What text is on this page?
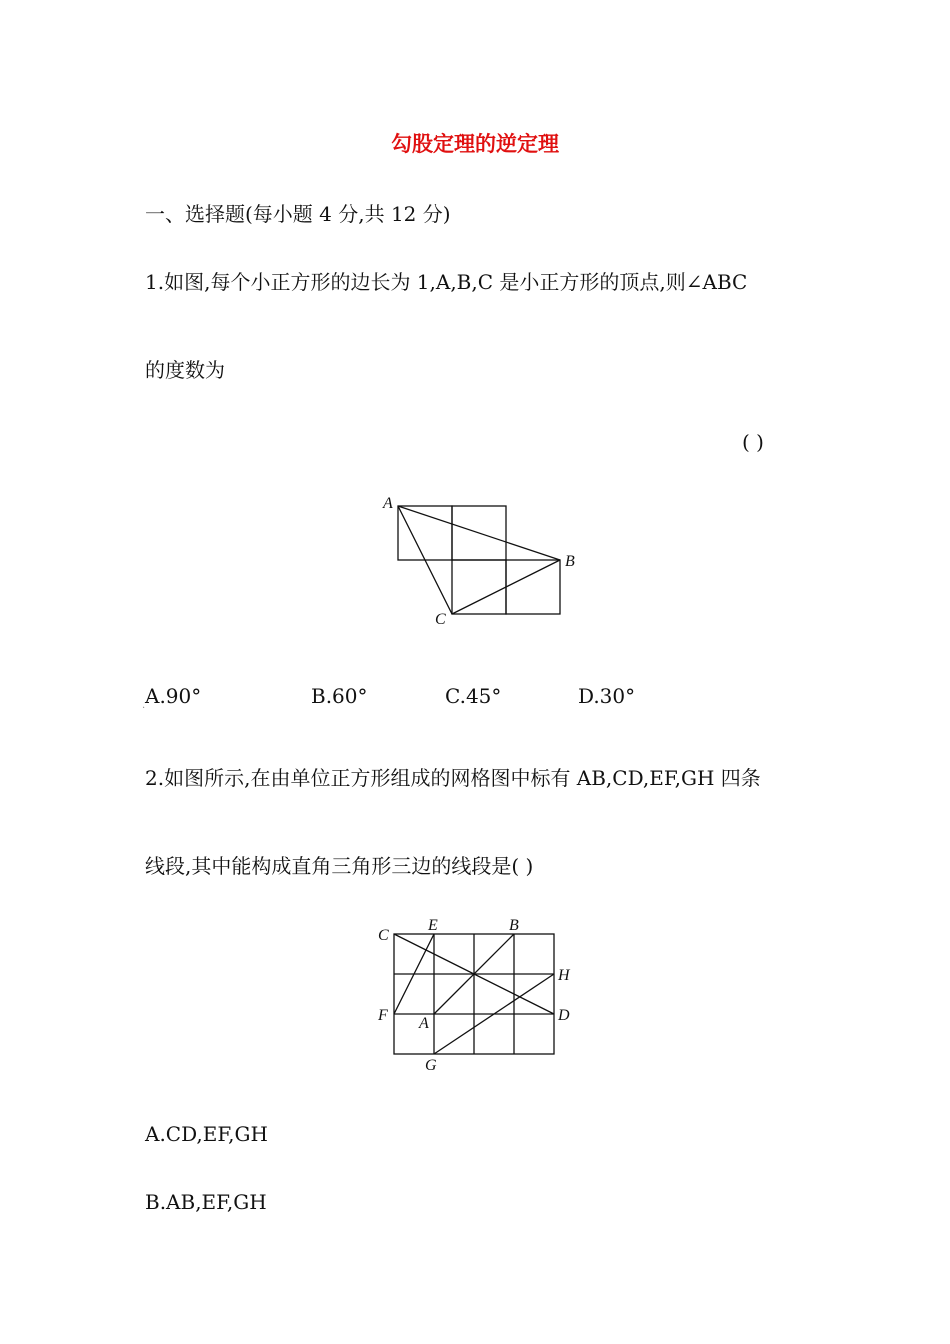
勾股定理的逆定理
一、选择题(每小题 4 分,共 12 分)
1.如图,每个小正方形的边长为 1,A,B,C 是小正方形的顶点,则∠ABC
的度数为
( )
A
B
C
. A.90°	B.60°	C.45°	D.30°
2.如图所示,在由单位正方形组成的网格图中标有 AB,CD,EF,GH 四条
线段,其中能构成直角三角形三边的线段是( )
C
E	B
H
F A	D
G
A.CD,EF,GH
B.AB,EF,GH
